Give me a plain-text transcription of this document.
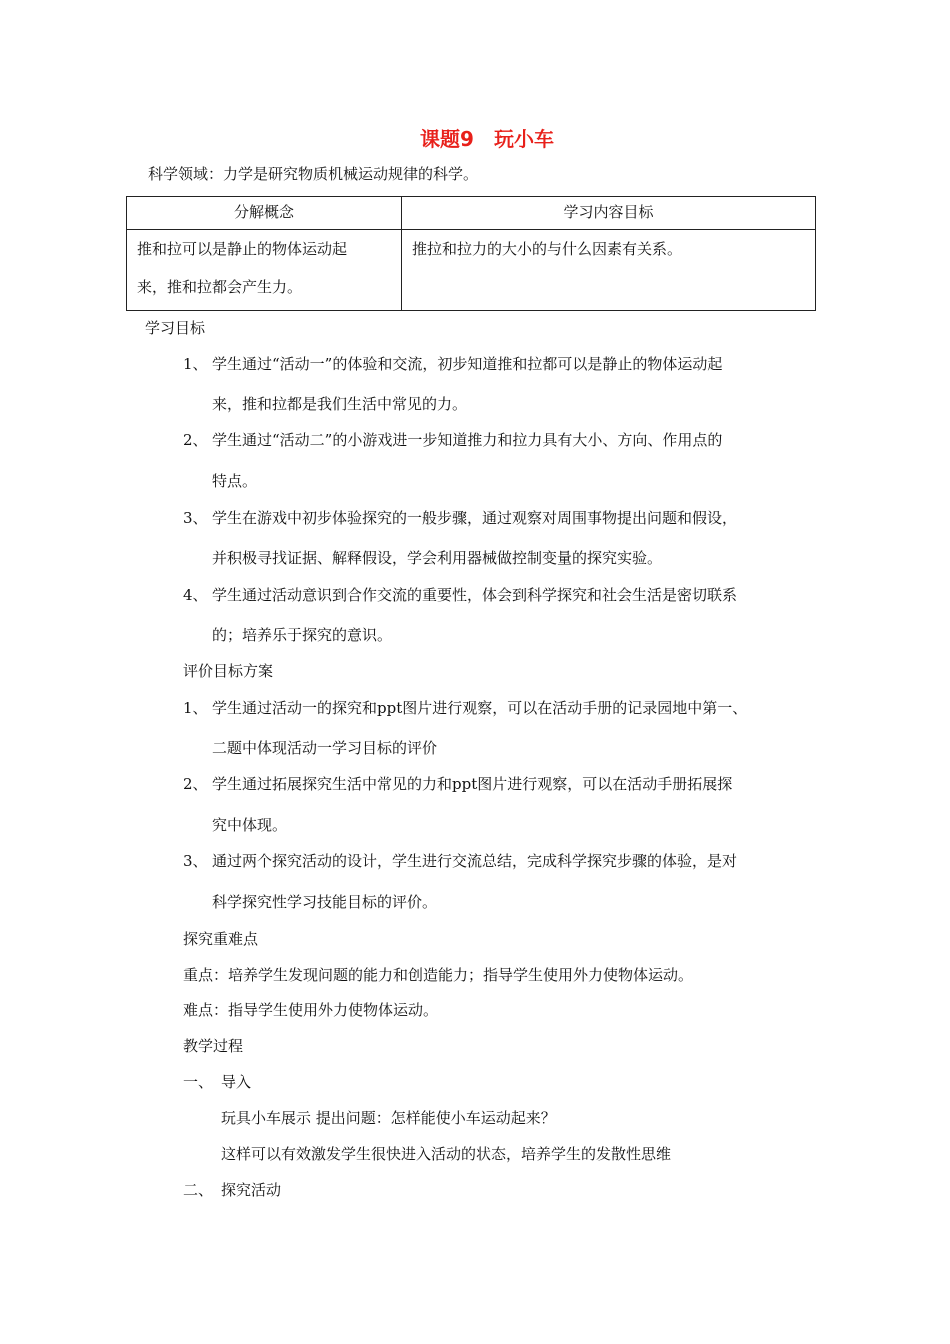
课题9　玩小车
科学领域：力学是研究物质机械运动规律的科学。
分解概念	学习内容目标

推和拉可以是静止的物体运动起
来，推和拉都会产生力。	推拉和拉力的大小的与什么因素有关系。
学习目标
1、 学生通过“活动一”的体验和交流，初步知道推和拉都可以是静止的物体运动起
来，推和拉都是我们生活中常见的力。
2、 学生通过“活动二”的小游戏进一步知道推力和拉力具有大小、方向、作用点的
特点。
3、 学生在游戏中初步体验探究的一般步骤，通过观察对周围事物提出问题和假设，
并积极寻找证据、解释假设，学会利用器械做控制变量的探究实验。
4、 学生通过活动意识到合作交流的重要性，体会到科学探究和社会生活是密切联系
的；培养乐于探究的意识。
评价目标方案
1、 学生通过活动一的探究和ppt图片进行观察，可以在活动手册的记录园地中第一、
二题中体现活动一学习目标的评价
2、 学生通过拓展探究生活中常见的力和ppt图片进行观察，可以在活动手册拓展探
究中体现。
3、 通过两个探究活动的设计，学生进行交流总结，完成科学探究步骤的体验，是对
科学探究性学习技能目标的评价。
探究重难点
重点：培养学生发现问题的能力和创造能力；指导学生使用外力使物体运动。
难点：指导学生使用外力使物体运动。
教学过程
一、 导入
玩具小车展示 提出问题：怎样能使小车运动起来？
这样可以有效激发学生很快进入活动的状态，培养学生的发散性思维
二、 探究活动
